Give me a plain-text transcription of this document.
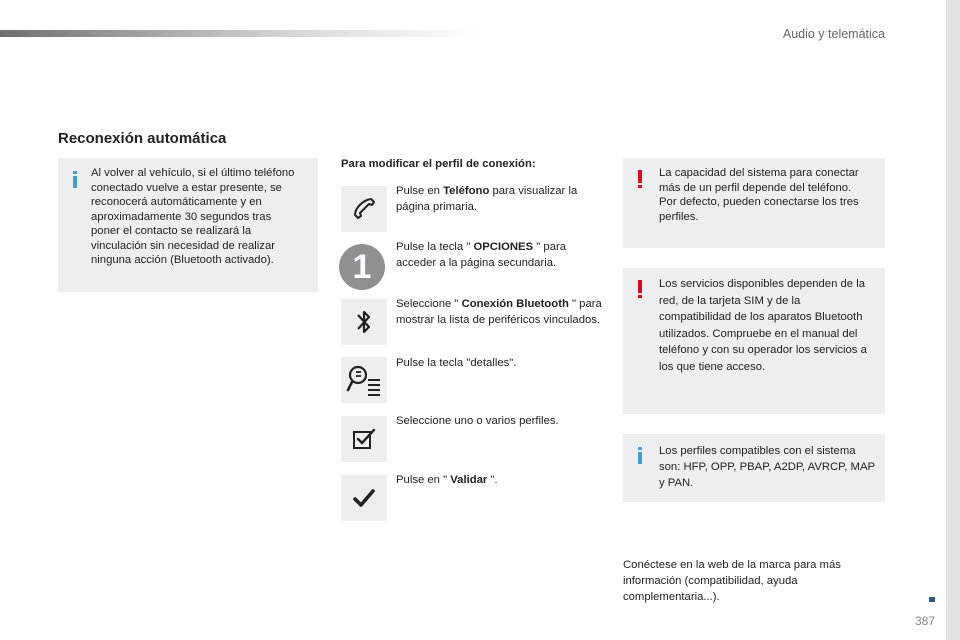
Audio y telemática
Reconexión automática
Al volver al vehículo, si el último teléfono conectado vuelve a estar presente, se reconocerá automáticamente y en aproximadamente 30 segundos tras poner el contacto se realizará la vinculación sin necesidad de realizar ninguna acción (Bluetooth activado).
Para modificar el perfil de conexión:
Pulse en Teléfono para visualizar la página primaria.
1
Pulse la tecla " OPCIONES " para acceder a la página secundaria.
Seleccione " Conexión Bluetooth " para mostrar la lista de periféricos vinculados.
Pulse la tecla "detalles".
Seleccione uno o varios perfiles.
Pulse en " Validar ".
La capacidad del sistema para conectar más de un perfil depende del teléfono.
Por defecto, pueden conectarse los tres perfiles.
Los servicios disponibles dependen de la red, de la tarjeta SIM y de la compatibilidad de los aparatos Bluetooth utilizados. Compruebe en el manual del teléfono y con su operador los servicios a los que tiene acceso.
Los perfiles compatibles con el sistema son: HFP, OPP, PBAP, A2DP, AVRCP, MAP y PAN.
Conéctese en la web de la marca para más información (compatibilidad, ayuda complementaria...).
387
